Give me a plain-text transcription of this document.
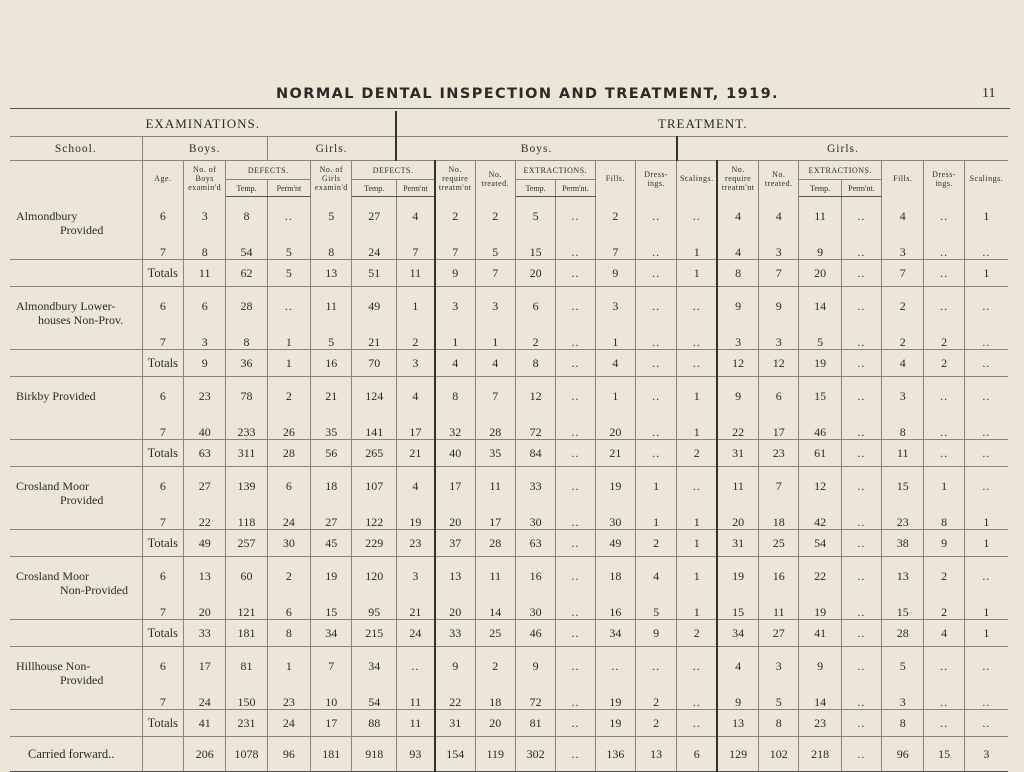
NORMAL DENTAL INSPECTION AND TREATMENT, 1919.	11
EXAMINATIONS.							TREATMENT.														
School.	Boys.			Girls.			Boys.							Girls.							
	Age.	No. of Boys examin'd	DEFECTS.		No. of Girls examin'd	DEFECTS.		No. require treatm'nt	No. treated.	EXTRACTIONS.		Fills.	Dress-ings.	Scalings.	No. require treatm'nt	No. treated.	EXTRACTIONS.		Fills.	Dress-ings.	Scalings.
			Temp.	Perm'nt		Temp.	Perm'nt			Temp.	Perm'nt.						Temp.	Perm'nt.			
Almondbury
Provided	6	3	8	..	5	27	4	2	2	5	..	2	..	..	4	4	11	..	4	..	1
	7	8	54	5	8	24	7	7	5	15	..	7	..	1	4	3	9	..	3	..	..
	Totals	11	62	5	13	51	11	9	7	20	..	9	..	1	8	7	20	..	7	..	1
Almondbury Lower-
houses Non-Prov.	6	6	28	..	11	49	1	3	3	6	..	3	..	..	9	9	14	..	2	..	..
	7	3	8	1	5	21	2	1	1	2	..	1	..	..	3	3	5	..	2	2	..
	Totals	9	36	1	16	70	3	4	4	8	..	4	..	..	12	12	19	..	4	2	..
Birkby Provided	6	23	78	2	21	124	4	8	7	12	..	1	..	1	9	6	15	..	3	..	..
	7	40	233	26	35	141	17	32	28	72	..	20	..	1	22	17	46	..	8	..	..
	Totals	63	311	28	56	265	21	40	35	84	..	21	..	2	31	23	61	..	11	..	..
Crosland Moor
Provided	6	27	139	6	18	107	4	17	11	33	..	19	1	..	11	7	12	..	15	1	..
	7	22	118	24	27	122	19	20	17	30	..	30	1	1	20	18	42	..	23	8	1
	Totals	49	257	30	45	229	23	37	28	63	..	49	2	1	31	25	54	..	38	9	1
Crosland Moor
Non-Provided	6	13	60	2	19	120	3	13	11	16	..	18	4	1	19	16	22	..	13	2	..
	7	20	121	6	15	95	21	20	14	30	..	16	5	1	15	11	19	..	15	2	1
	Totals	33	181	8	34	215	24	33	25	46	..	34	9	2	34	27	41	..	28	4	1
Hillhouse Non-
Provided	6	17	81	1	7	34	..	9	2	9	..	..	..	..	4	3	9	..	5	..	..
	7	24	150	23	10	54	11	22	18	72	..	19	2	..	9	5	14	..	3	..	..
	Totals	41	231	24	17	88	11	31	20	81	..	19	2	..	13	8	23	..	8	..	..
Carried forward..		206	1078	96	181	918	93	154	119	302	..	136	13	6	129	102	218	..	96	15	3
